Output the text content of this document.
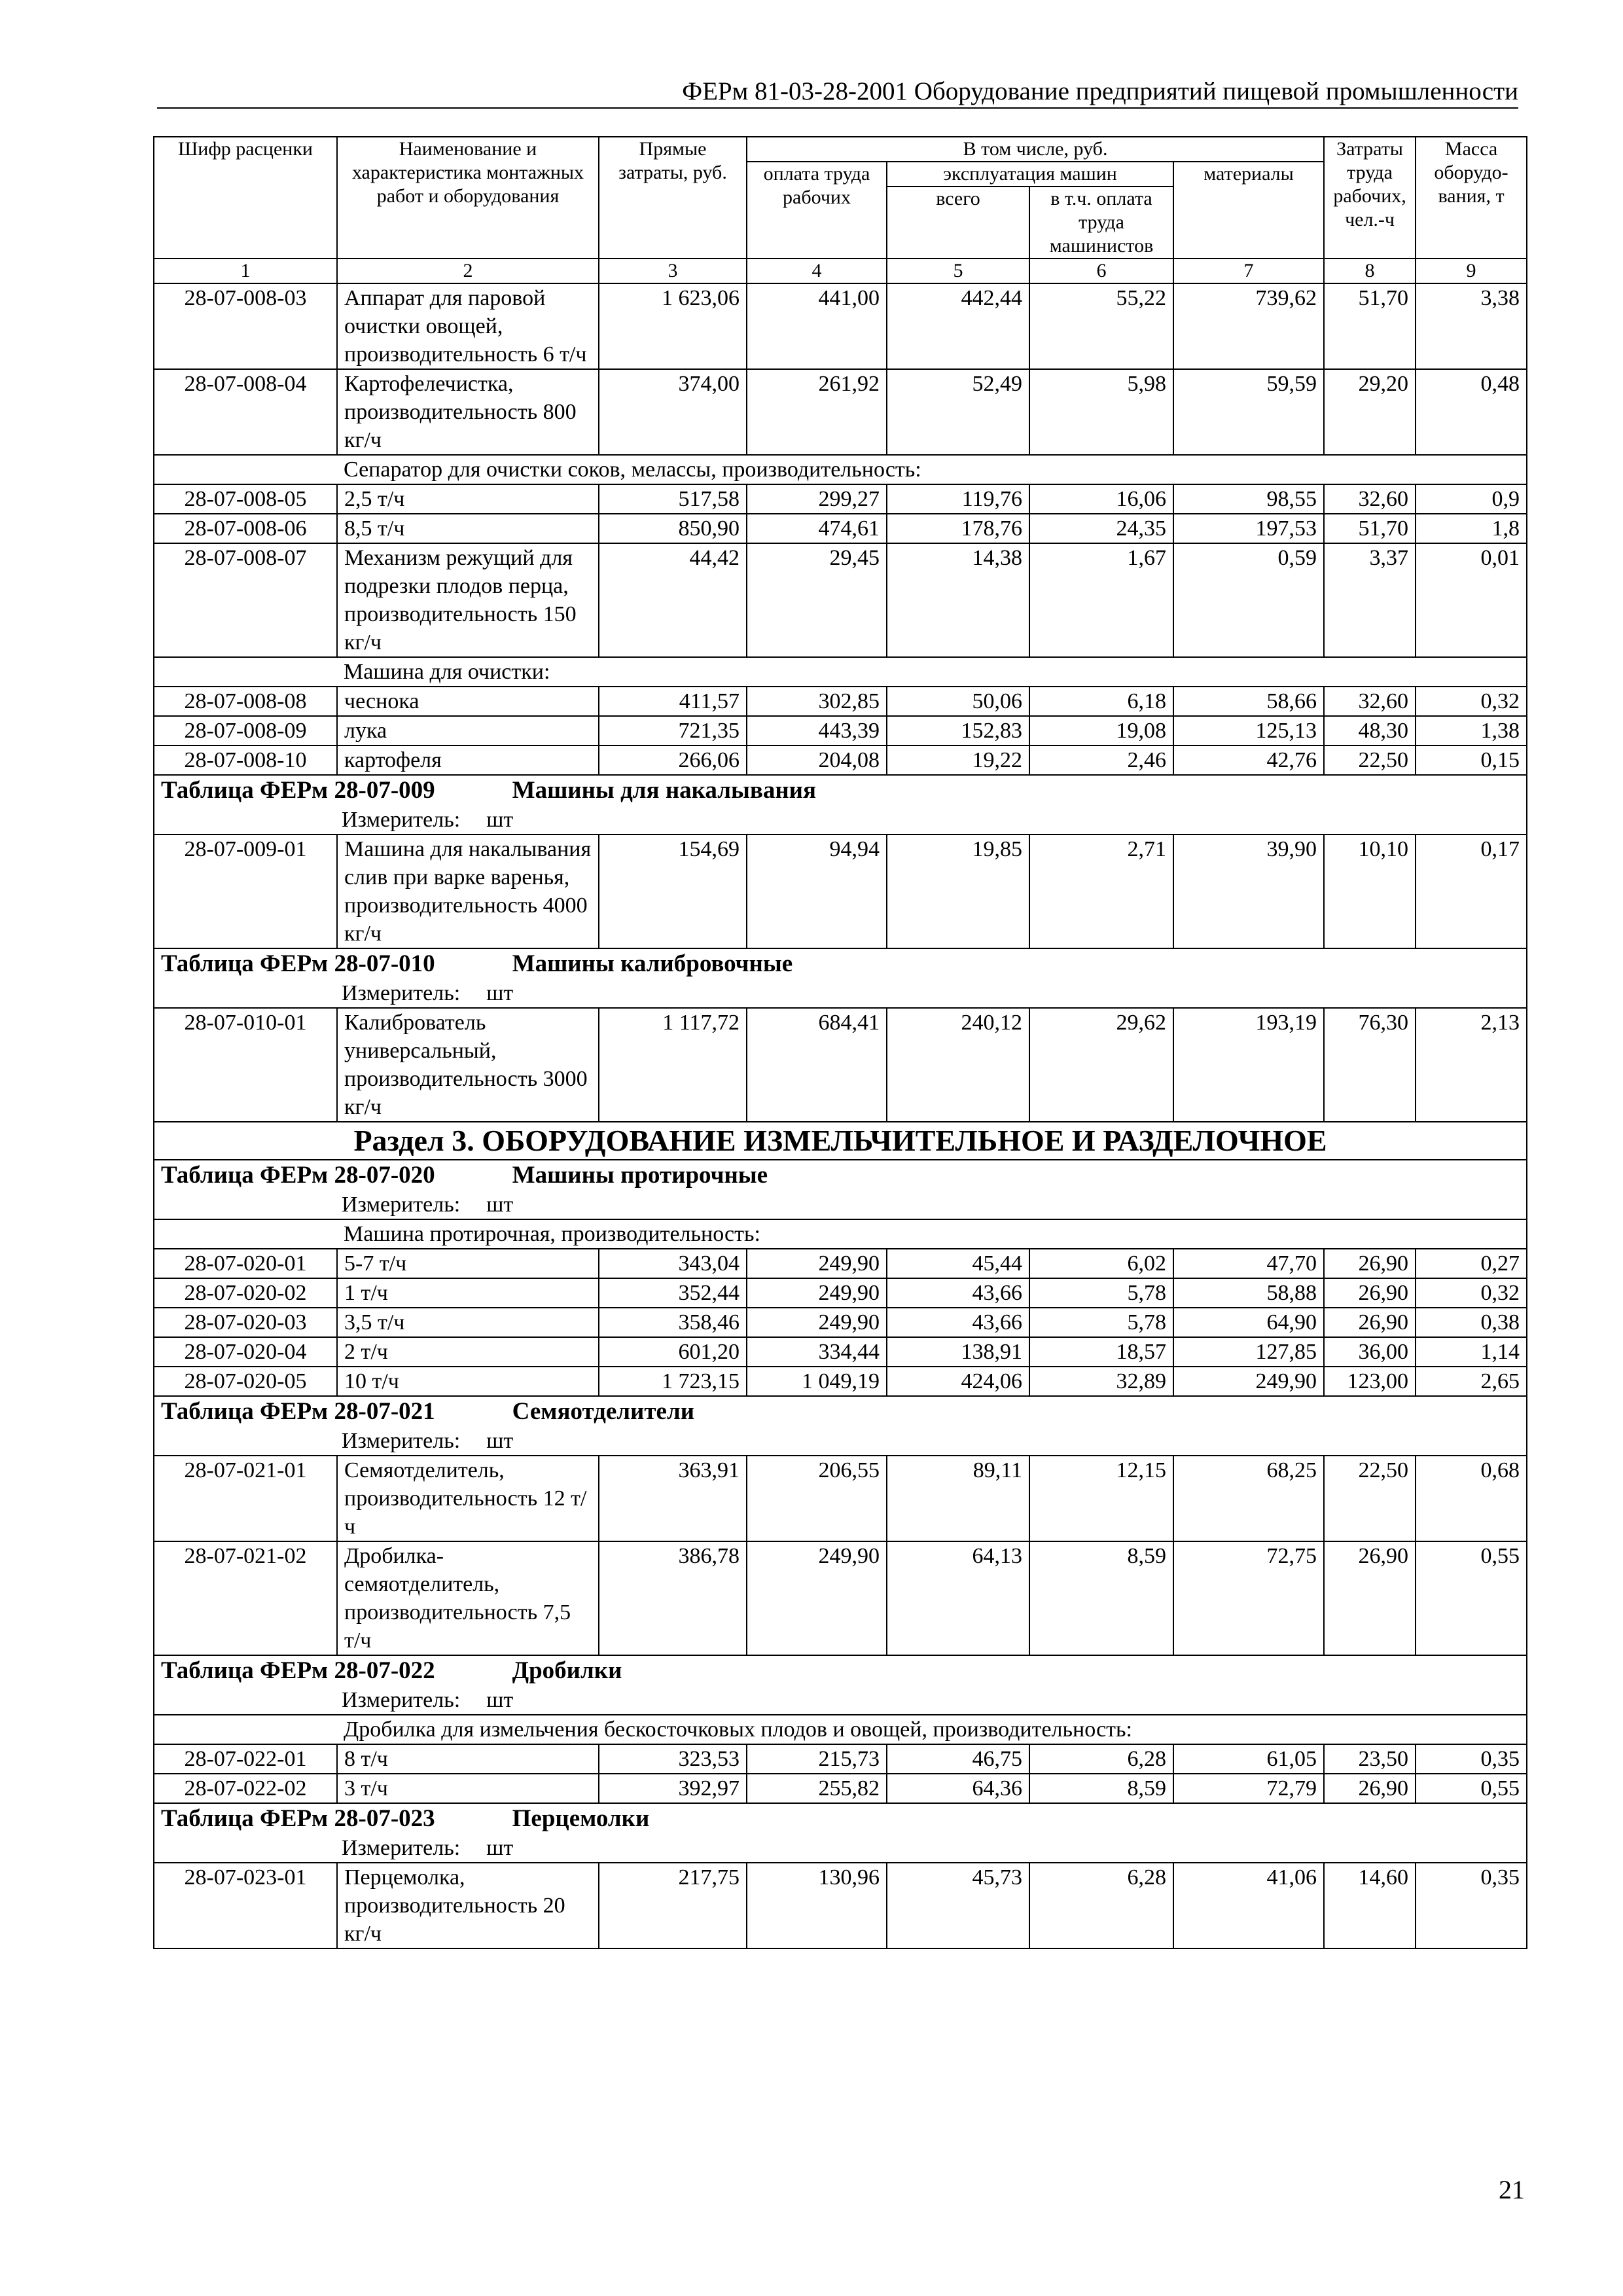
ФЕРм 81-03-28-2001 Оборудование предприятий пищевой промышленности
Шифр расценки	Наименование и характеристика монтажных работ и оборудования	Прямые затраты, руб.	В том числе, руб.				Затраты труда рабочих, чел.-ч	Масса оборудо-вания, т
			оплата труда рабочих	эксплуатация машин		материалы		
				всего	в т.ч. оплата труда машинистов			
1	2	3	4	5	6	7	8	9
28-07-008-03	Аппарат для паровой очистки овощей, производительность 6 т/ч	1 623,06	441,00	442,44	55,22	739,62	51,70	3,38
28-07-008-04	Картофелечистка, производительность 800 кг/ч	374,00	261,92	52,49	5,98	59,59	29,20	0,48
	Сепаратор для очистки соков, мелассы, производительность:							
28-07-008-05	2,5 т/ч	517,58	299,27	119,76	16,06	98,55	32,60	0,9
28-07-008-06	8,5 т/ч	850,90	474,61	178,76	24,35	197,53	51,70	1,8
28-07-008-07	Механизм режущий для подрезки плодов перца, производительность 150 кг/ч	44,42	29,45	14,38	1,67	0,59	3,37	0,01
	Машина для очистки:							
28-07-008-08	чеснока	411,57	302,85	50,06	6,18	58,66	32,60	0,32
28-07-008-09	лука	721,35	443,39	152,83	19,08	125,13	48,30	1,38
28-07-008-10	картофеля	266,06	204,08	19,22	2,46	42,76	22,50	0,15
Таблица ФЕРм 28-07-009 Машины для накалывания								
Измеритель: шт								
28-07-009-01	Машина для накалывания слив при варке варенья, производительность 4000 кг/ч	154,69	94,94	19,85	2,71	39,90	10,10	0,17
Таблица ФЕРм 28-07-010 Машины калибровочные								
Измеритель: шт								
28-07-010-01	Калиброватель универсальный, производительность 3000 кг/ч	1 117,72	684,41	240,12	29,62	193,19	76,30	2,13
Раздел 3. ОБОРУДОВАНИЕ ИЗМЕЛЬЧИТЕЛЬНОЕ И РАЗДЕЛОЧНОЕ								
Таблица ФЕРм 28-07-020 Машины протирочные								
Измеритель: шт								
	Машина протирочная, производительность:							
28-07-020-01	5-7 т/ч	343,04	249,90	45,44	6,02	47,70	26,90	0,27
28-07-020-02	1 т/ч	352,44	249,90	43,66	5,78	58,88	26,90	0,32
28-07-020-03	3,5 т/ч	358,46	249,90	43,66	5,78	64,90	26,90	0,38
28-07-020-04	2 т/ч	601,20	334,44	138,91	18,57	127,85	36,00	1,14
28-07-020-05	10 т/ч	1 723,15	1 049,19	424,06	32,89	249,90	123,00	2,65
Таблица ФЕРм 28-07-021 Семяотделители								
Измеритель: шт								
28-07-021-01	Семяотделитель, производительность 12 т/ч	363,91	206,55	89,11	12,15	68,25	22,50	0,68
28-07-021-02	Дробилка-семяотделитель, производительность 7,5 т/ч	386,78	249,90	64,13	8,59	72,75	26,90	0,55
Таблица ФЕРм 28-07-022 Дробилки								
Измеритель: шт								
	Дробилка для измельчения бескосточковых плодов и овощей, производительность:							
28-07-022-01	8 т/ч	323,53	215,73	46,75	6,28	61,05	23,50	0,35
28-07-022-02	3 т/ч	392,97	255,82	64,36	8,59	72,79	26,90	0,55
Таблица ФЕРм 28-07-023 Перцемолки								
Измеритель: шт								
28-07-023-01	Перцемолка, производительность 20 кг/ч	217,75	130,96	45,73	6,28	41,06	14,60	0,35
21
